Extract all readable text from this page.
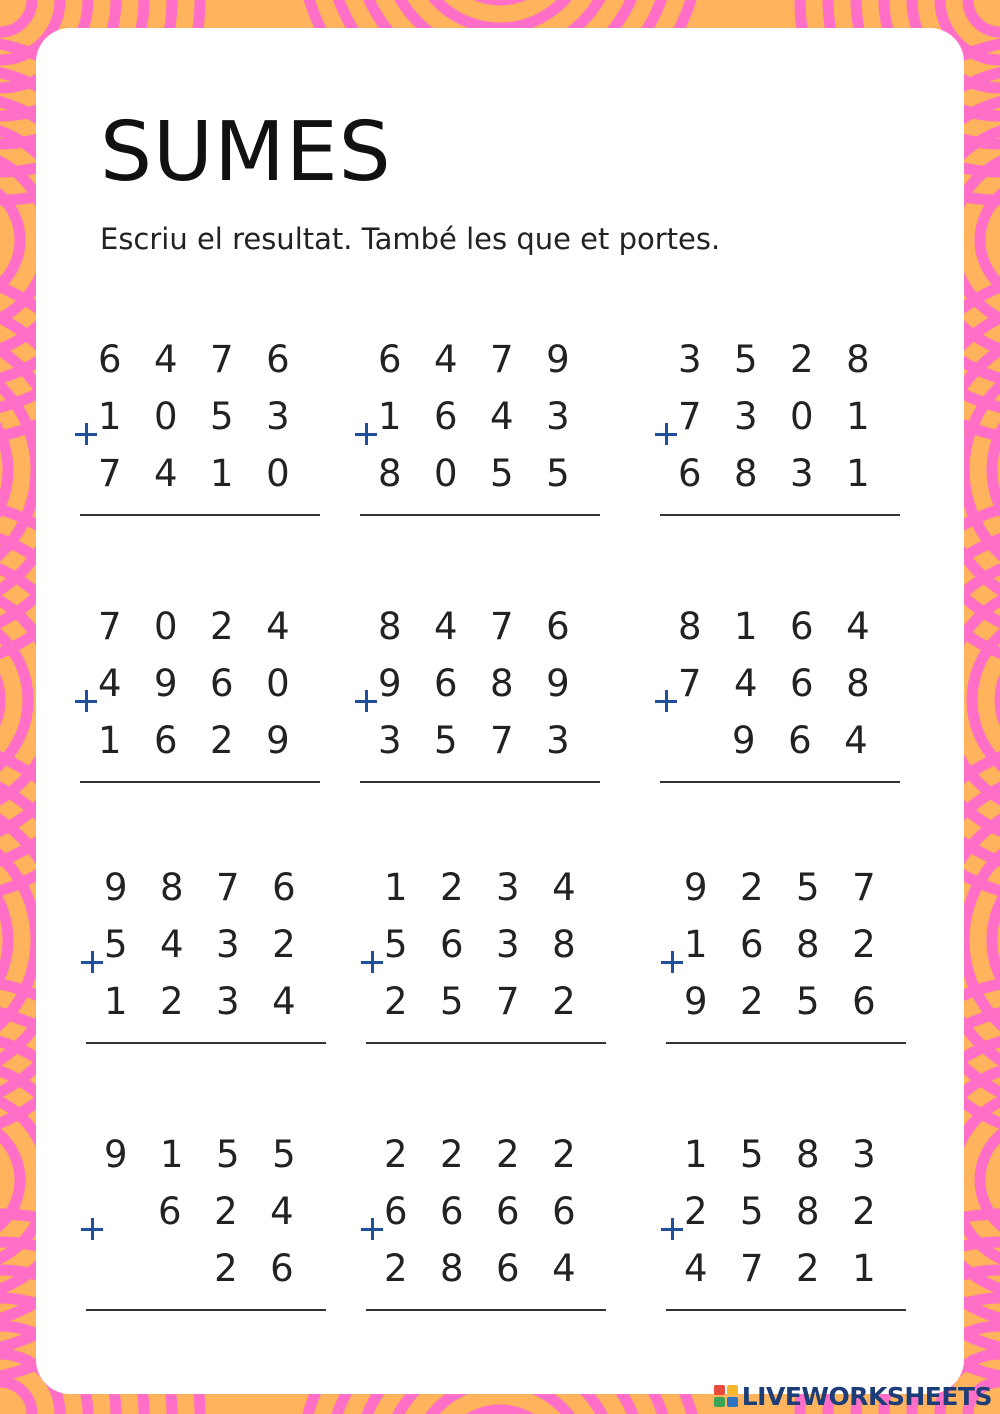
SUMES
Escriu el resultat. També les que et portes.
6 4 7 6
1 0 5 3
7 4 1 0
6 4 7 9
1 6 4 3
8 0 5 5
3 5 2 8
7 3 0 1
6 8 3 1
7 0 2 4
4 9 6 0
1 6 2 9
8 4 7 6
9 6 8 9
3 5 7 3
8 1 6 4
7 4 6 8
9 6 4
9 8 7 6
5 4 3 2
1 2 3 4
1 2 3 4
5 6 3 8
2 5 7 2
9 2 5 7
1 6 8 2
9 2 5 6
9 1 5 5
6 2 4
2 6
2 2 2 2
6 6 6 6
2 8 6 4
1 5 8 3
2 5 8 2
4 7 2 1
LIVEWORKSHEETS
